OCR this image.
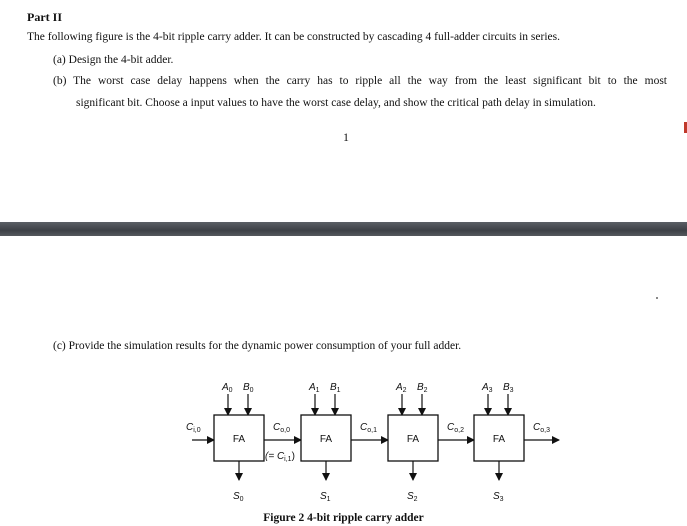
Part II
The following figure is the 4-bit ripple carry adder. It can be constructed by cascading 4 full-adder circuits in series.
(a) Design the 4-bit adder.
(b) The worst case delay happens when the carry has to ripple all the way from the least significant bit to the most
significant bit. Choose a input values to have the worst case delay, and show the critical path delay in simulation.
1
(c) Provide the simulation results for the dynamic power consumption of your full adder.
$C_{i,0}$
$A_0$ $B_0$
FA
$S_0$
$C_{o,0}$
$A_1$ $B_1$
FA
$S_1$
$C_{o,1}$
$A_2$ $B_2$
FA
$S_2$
$C_{o,2}$
$A_3$ $B_3$
FA
$S_3$
$C_{o,3}$
(= $C_{i,1}$)
Figure 2 4-bit ripple carry adder
